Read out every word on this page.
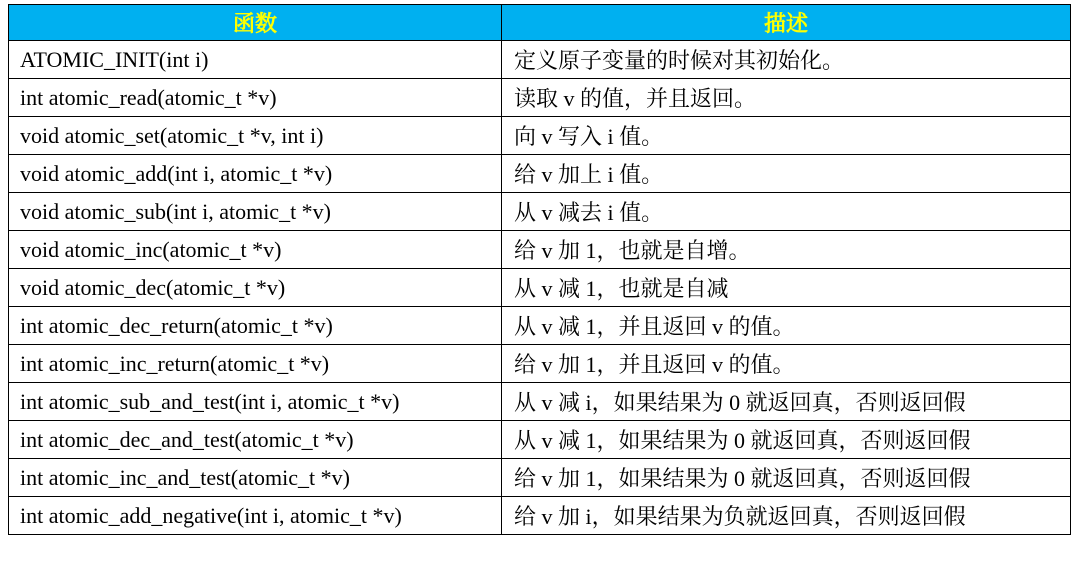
函数	描述
ATOMIC_INIT(int i)	定义原子变量的时候对其初始化。
int atomic_read(atomic_t *v)	读取 v 的值，并且返回。
void atomic_set(atomic_t *v, int i)	向 v 写入 i 值。
void atomic_add(int i, atomic_t *v)	给 v 加上 i 值。
void atomic_sub(int i, atomic_t *v)	从 v 减去 i 值。
void atomic_inc(atomic_t *v)	给 v 加 1，也就是自增。
void atomic_dec(atomic_t *v)	从 v 减 1，也就是自减
int atomic_dec_return(atomic_t *v)	从 v 减 1，并且返回 v 的值。
int atomic_inc_return(atomic_t *v)	给 v 加 1，并且返回 v 的值。
int atomic_sub_and_test(int i, atomic_t *v)	从 v 减 i，如果结果为 0 就返回真，否则返回假
int atomic_dec_and_test(atomic_t *v)	从 v 减 1，如果结果为 0 就返回真，否则返回假
int atomic_inc_and_test(atomic_t *v)	给 v 加 1，如果结果为 0 就返回真，否则返回假
int atomic_add_negative(int i, atomic_t *v)	给 v 加 i，如果结果为负就返回真，否则返回假
